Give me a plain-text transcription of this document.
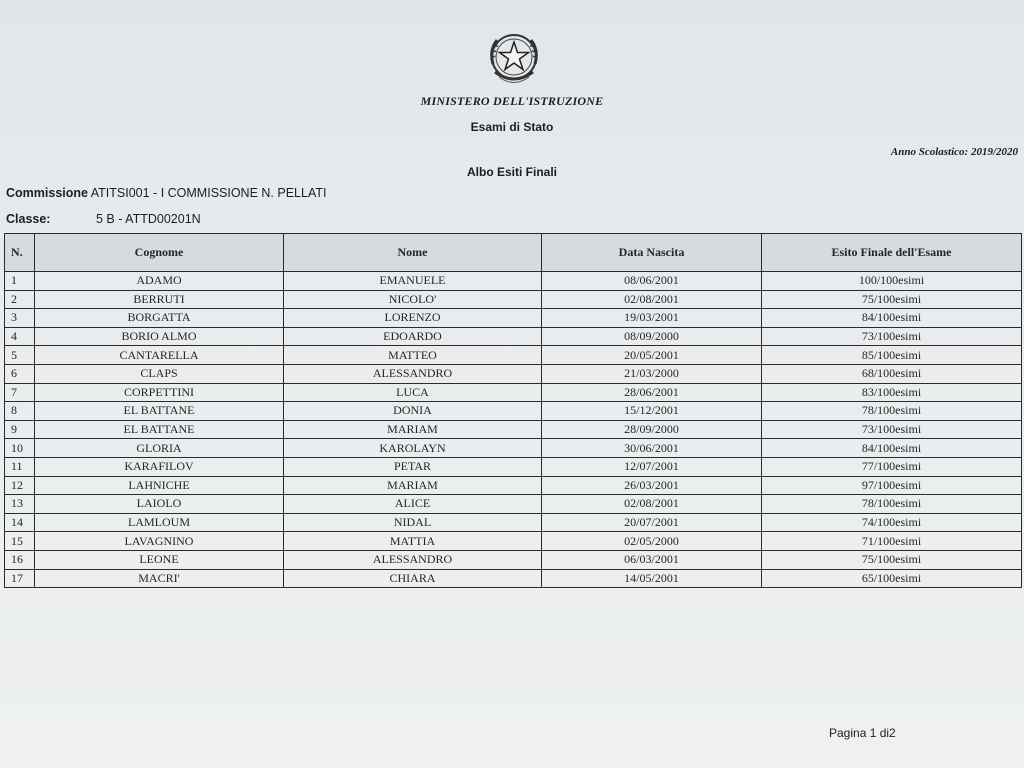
MINISTERO DELL'ISTRUZIONE
Esami di Stato
Anno Scolastico: 2019/2020
Albo Esiti Finali
Commissione ATITSI001 - I COMMISSIONE N. PELLATI
Classe:	5 B - ATTD00201N
N.	Cognome	Nome	Data Nascita	Esito Finale dell'Esame
1	ADAMO	EMANUELE	08/06/2001	100/100esimi
2	BERRUTI	NICOLO'	02/08/2001	75/100esimi
3	BORGATTA	LORENZO	19/03/2001	84/100esimi
4	BORIO ALMO	EDOARDO	08/09/2000	73/100esimi
5	CANTARELLA	MATTEO	20/05/2001	85/100esimi
6	CLAPS	ALESSANDRO	21/03/2000	68/100esimi
7	CORPETTINI	LUCA	28/06/2001	83/100esimi
8	EL BATTANE	DONIA	15/12/2001	78/100esimi
9	EL BATTANE	MARIAM	28/09/2000	73/100esimi
10	GLORIA	KAROLAYN	30/06/2001	84/100esimi
11	KARAFILOV	PETAR	12/07/2001	77/100esimi
12	LAHNICHE	MARIAM	26/03/2001	97/100esimi
13	LAIOLO	ALICE	02/08/2001	78/100esimi
14	LAMLOUM	NIDAL	20/07/2001	74/100esimi
15	LAVAGNINO	MATTIA	02/05/2000	71/100esimi
16	LEONE	ALESSANDRO	06/03/2001	75/100esimi
17	MACRI'	CHIARA	14/05/2001	65/100esimi
Pagina 1 di2
